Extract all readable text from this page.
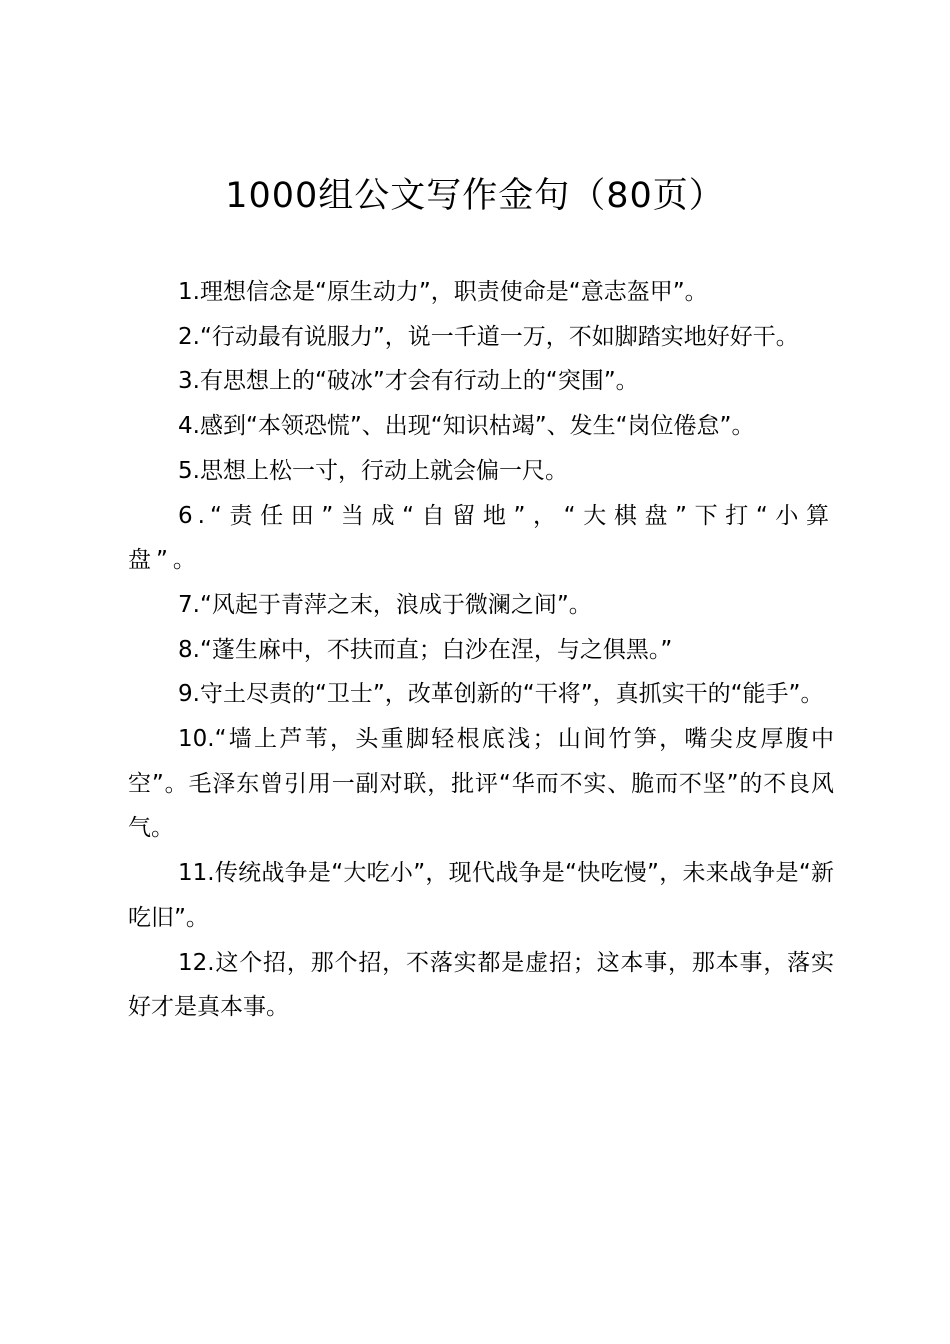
1000组公文写作金句（80页）

1.理想信念是“原生动力”，职责使命是“意志盔甲”。

2.“行动最有说服力”，说一千道一万，不如脚踏实地好好干。

3.有思想上的“破冰”才会有行动上的“突围”。

4.感到“本领恐慌”、出现“知识枯竭”、发生“岗位倦怠”。

5.思想上松一寸，行动上就会偏一尺。

6.“责任田”当成“自留地”，“大棋盘”下打“小算盘”。

7.“风起于青萍之末，浪成于微澜之间”。

8.“蓬生麻中，不扶而直；白沙在涅，与之俱黑。”

9.守土尽责的“卫士”，改革创新的“干将”，真抓实干的“能手”。

10.“墙上芦苇，头重脚轻根底浅；山间竹笋，嘴尖皮厚腹中空”。毛泽东曾引用一副对联，批评“华而不实、脆而不坚”的不良风气。

11.传统战争是“大吃小”，现代战争是“快吃慢”，未来战争是“新吃旧”。

12.这个招，那个招，不落实都是虚招；这本事，那本事，落实好才是真本事。
